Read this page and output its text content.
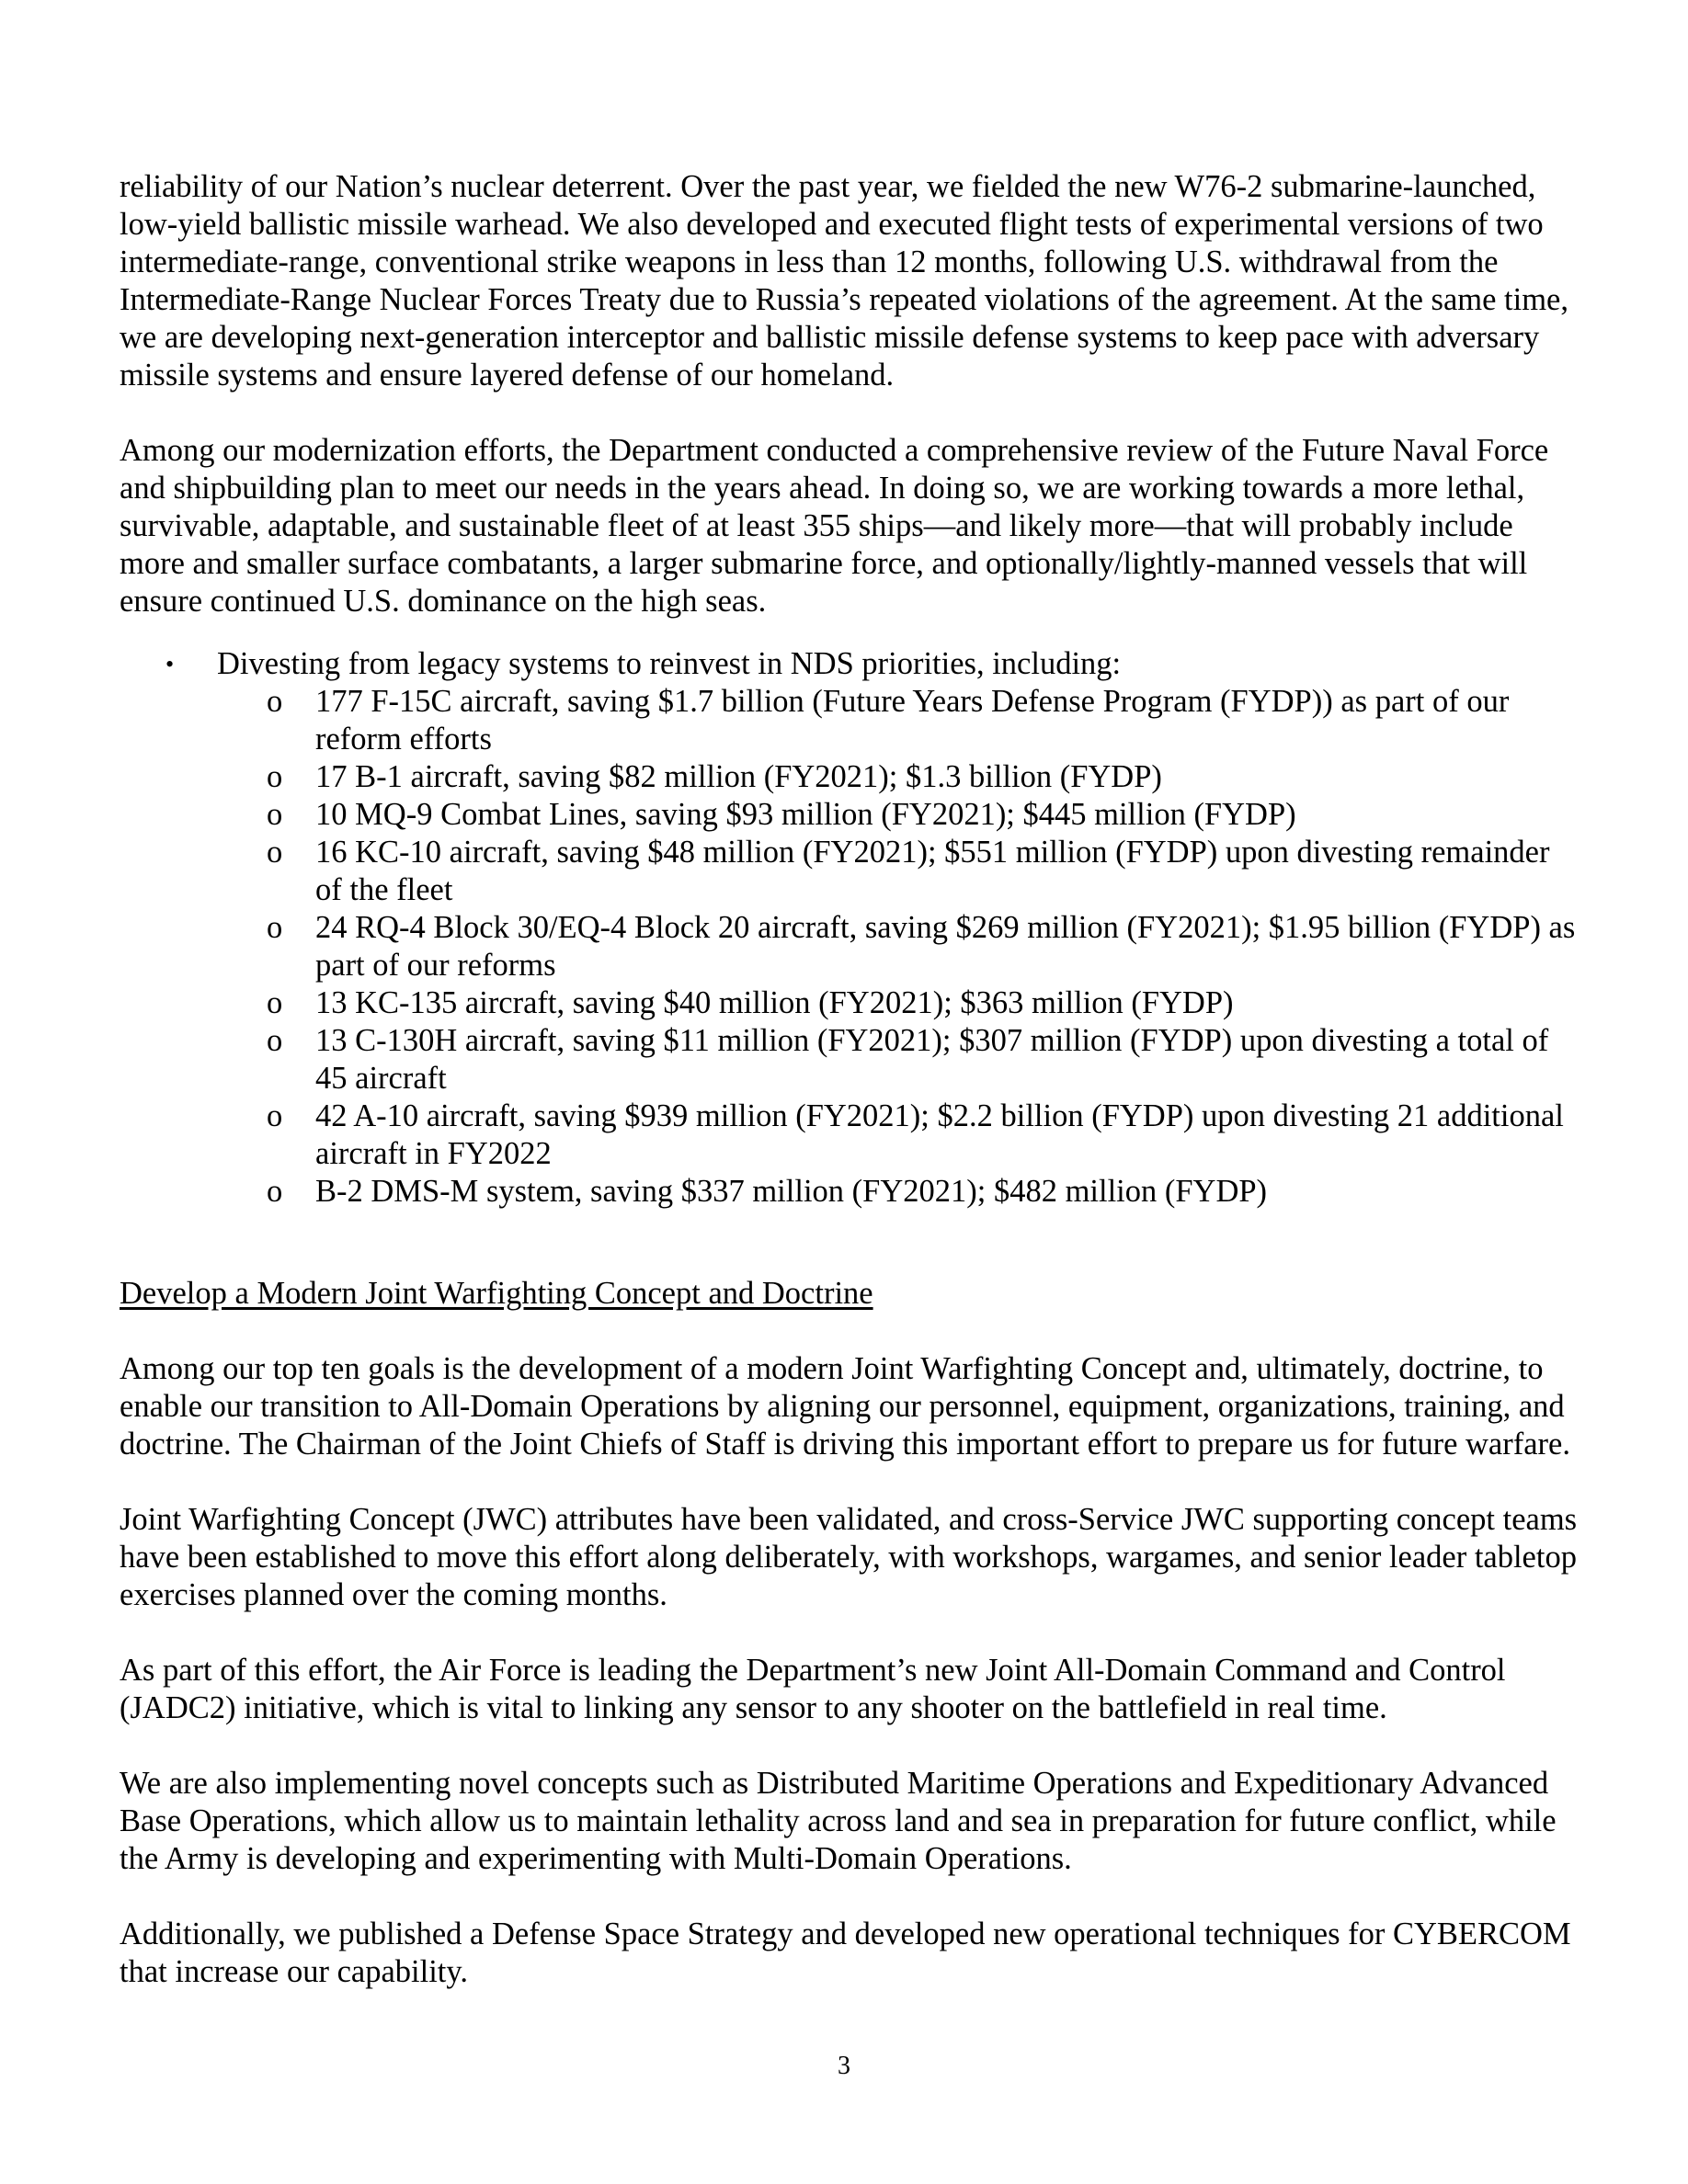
reliability of our Nation’s nuclear deterrent. Over the past year, we fielded the new W76-2 submarine-launched, low-yield ballistic missile warhead. We also developed and executed flight tests of experimental versions of two intermediate-range, conventional strike weapons in less than 12 months, following U.S. withdrawal from the Intermediate-Range Nuclear Forces Treaty due to Russia’s repeated violations of the agreement. At the same time, we are developing next-generation interceptor and ballistic missile defense systems to keep pace with adversary missile systems and ensure layered defense of our homeland.

Among our modernization efforts, the Department conducted a comprehensive review of the Future Naval Force and shipbuilding plan to meet our needs in the years ahead. In doing so, we are working towards a more lethal, survivable, adaptable, and sustainable fleet of at least 355 ships—and likely more—that will probably include more and smaller surface combatants, a larger submarine force, and optionally/lightly-manned vessels that will ensure continued U.S. dominance on the high seas.

• Divesting from legacy systems to reinvest in NDS priorities, including:
o 177 F-15C aircraft, saving $1.7 billion (Future Years Defense Program (FYDP)) as part of our reform efforts
o 17 B-1 aircraft, saving $82 million (FY2021); $1.3 billion (FYDP)
o 10 MQ-9 Combat Lines, saving $93 million (FY2021); $445 million (FYDP)
o 16 KC-10 aircraft, saving $48 million (FY2021); $551 million (FYDP) upon divesting remainder of the fleet
o 24 RQ-4 Block 30/EQ-4 Block 20 aircraft, saving $269 million (FY2021); $1.95 billion (FYDP) as part of our reforms
o 13 KC-135 aircraft, saving $40 million (FY2021); $363 million (FYDP)
o 13 C-130H aircraft, saving $11 million (FY2021); $307 million (FYDP) upon divesting a total of 45 aircraft
o 42 A-10 aircraft, saving $939 million (FY2021); $2.2 billion (FYDP) upon divesting 21 additional aircraft in FY2022
o B-2 DMS-M system, saving $337 million (FY2021); $482 million (FYDP)

Develop a Modern Joint Warfighting Concept and Doctrine

Among our top ten goals is the development of a modern Joint Warfighting Concept and, ultimately, doctrine, to enable our transition to All-Domain Operations by aligning our personnel, equipment, organizations, training, and doctrine. The Chairman of the Joint Chiefs of Staff is driving this important effort to prepare us for future warfare.

Joint Warfighting Concept (JWC) attributes have been validated, and cross-Service JWC supporting concept teams have been established to move this effort along deliberately, with workshops, wargames, and senior leader tabletop exercises planned over the coming months.

As part of this effort, the Air Force is leading the Department’s new Joint All-Domain Command and Control (JADC2) initiative, which is vital to linking any sensor to any shooter on the battlefield in real time.

We are also implementing novel concepts such as Distributed Maritime Operations and Expeditionary Advanced Base Operations, which allow us to maintain lethality across land and sea in preparation for future conflict, while the Army is developing and experimenting with Multi-Domain Operations.

Additionally, we published a Defense Space Strategy and developed new operational techniques for CYBERCOM that increase our capability.

3
